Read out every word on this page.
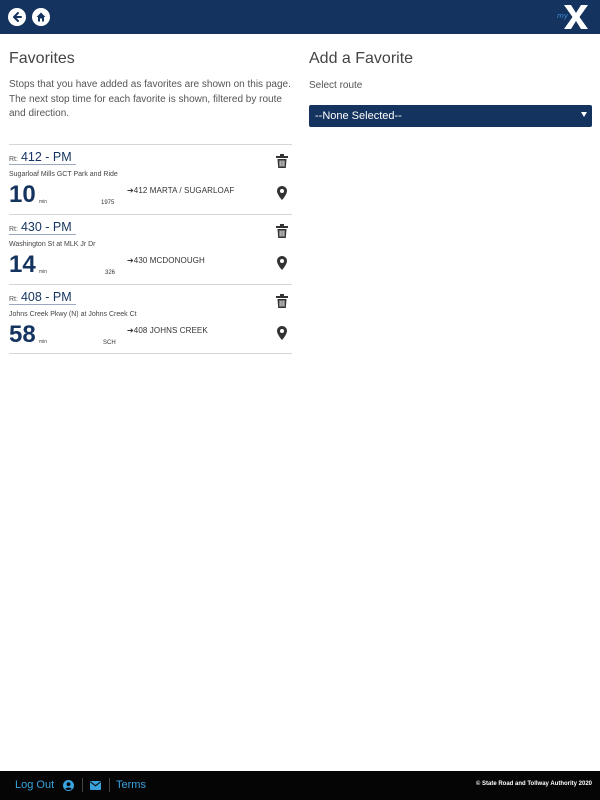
my
Favorites

Stops that you have added as favorites are shown on this page. The next stop time for each favorite is shown, filtered by route and direction.

Rt: 412 - PM
Sugarloaf Mills GCT Park and Ride
10 min	1975
➔412 MARTA / SUGARLOAF
Rt: 430 - PM
Washington St at MLK Jr Dr
14 min	326
➔430 MCDONOUGH
Rt: 408 - PM
Johns Creek Pkwy (N) at Johns Creek Ct
58 min	SCH
➔408 JOHNS CREEK
Add a Favorite
Select route
--None Selected--
Log Out	Terms	© State Road and Tollway Authority 2020
